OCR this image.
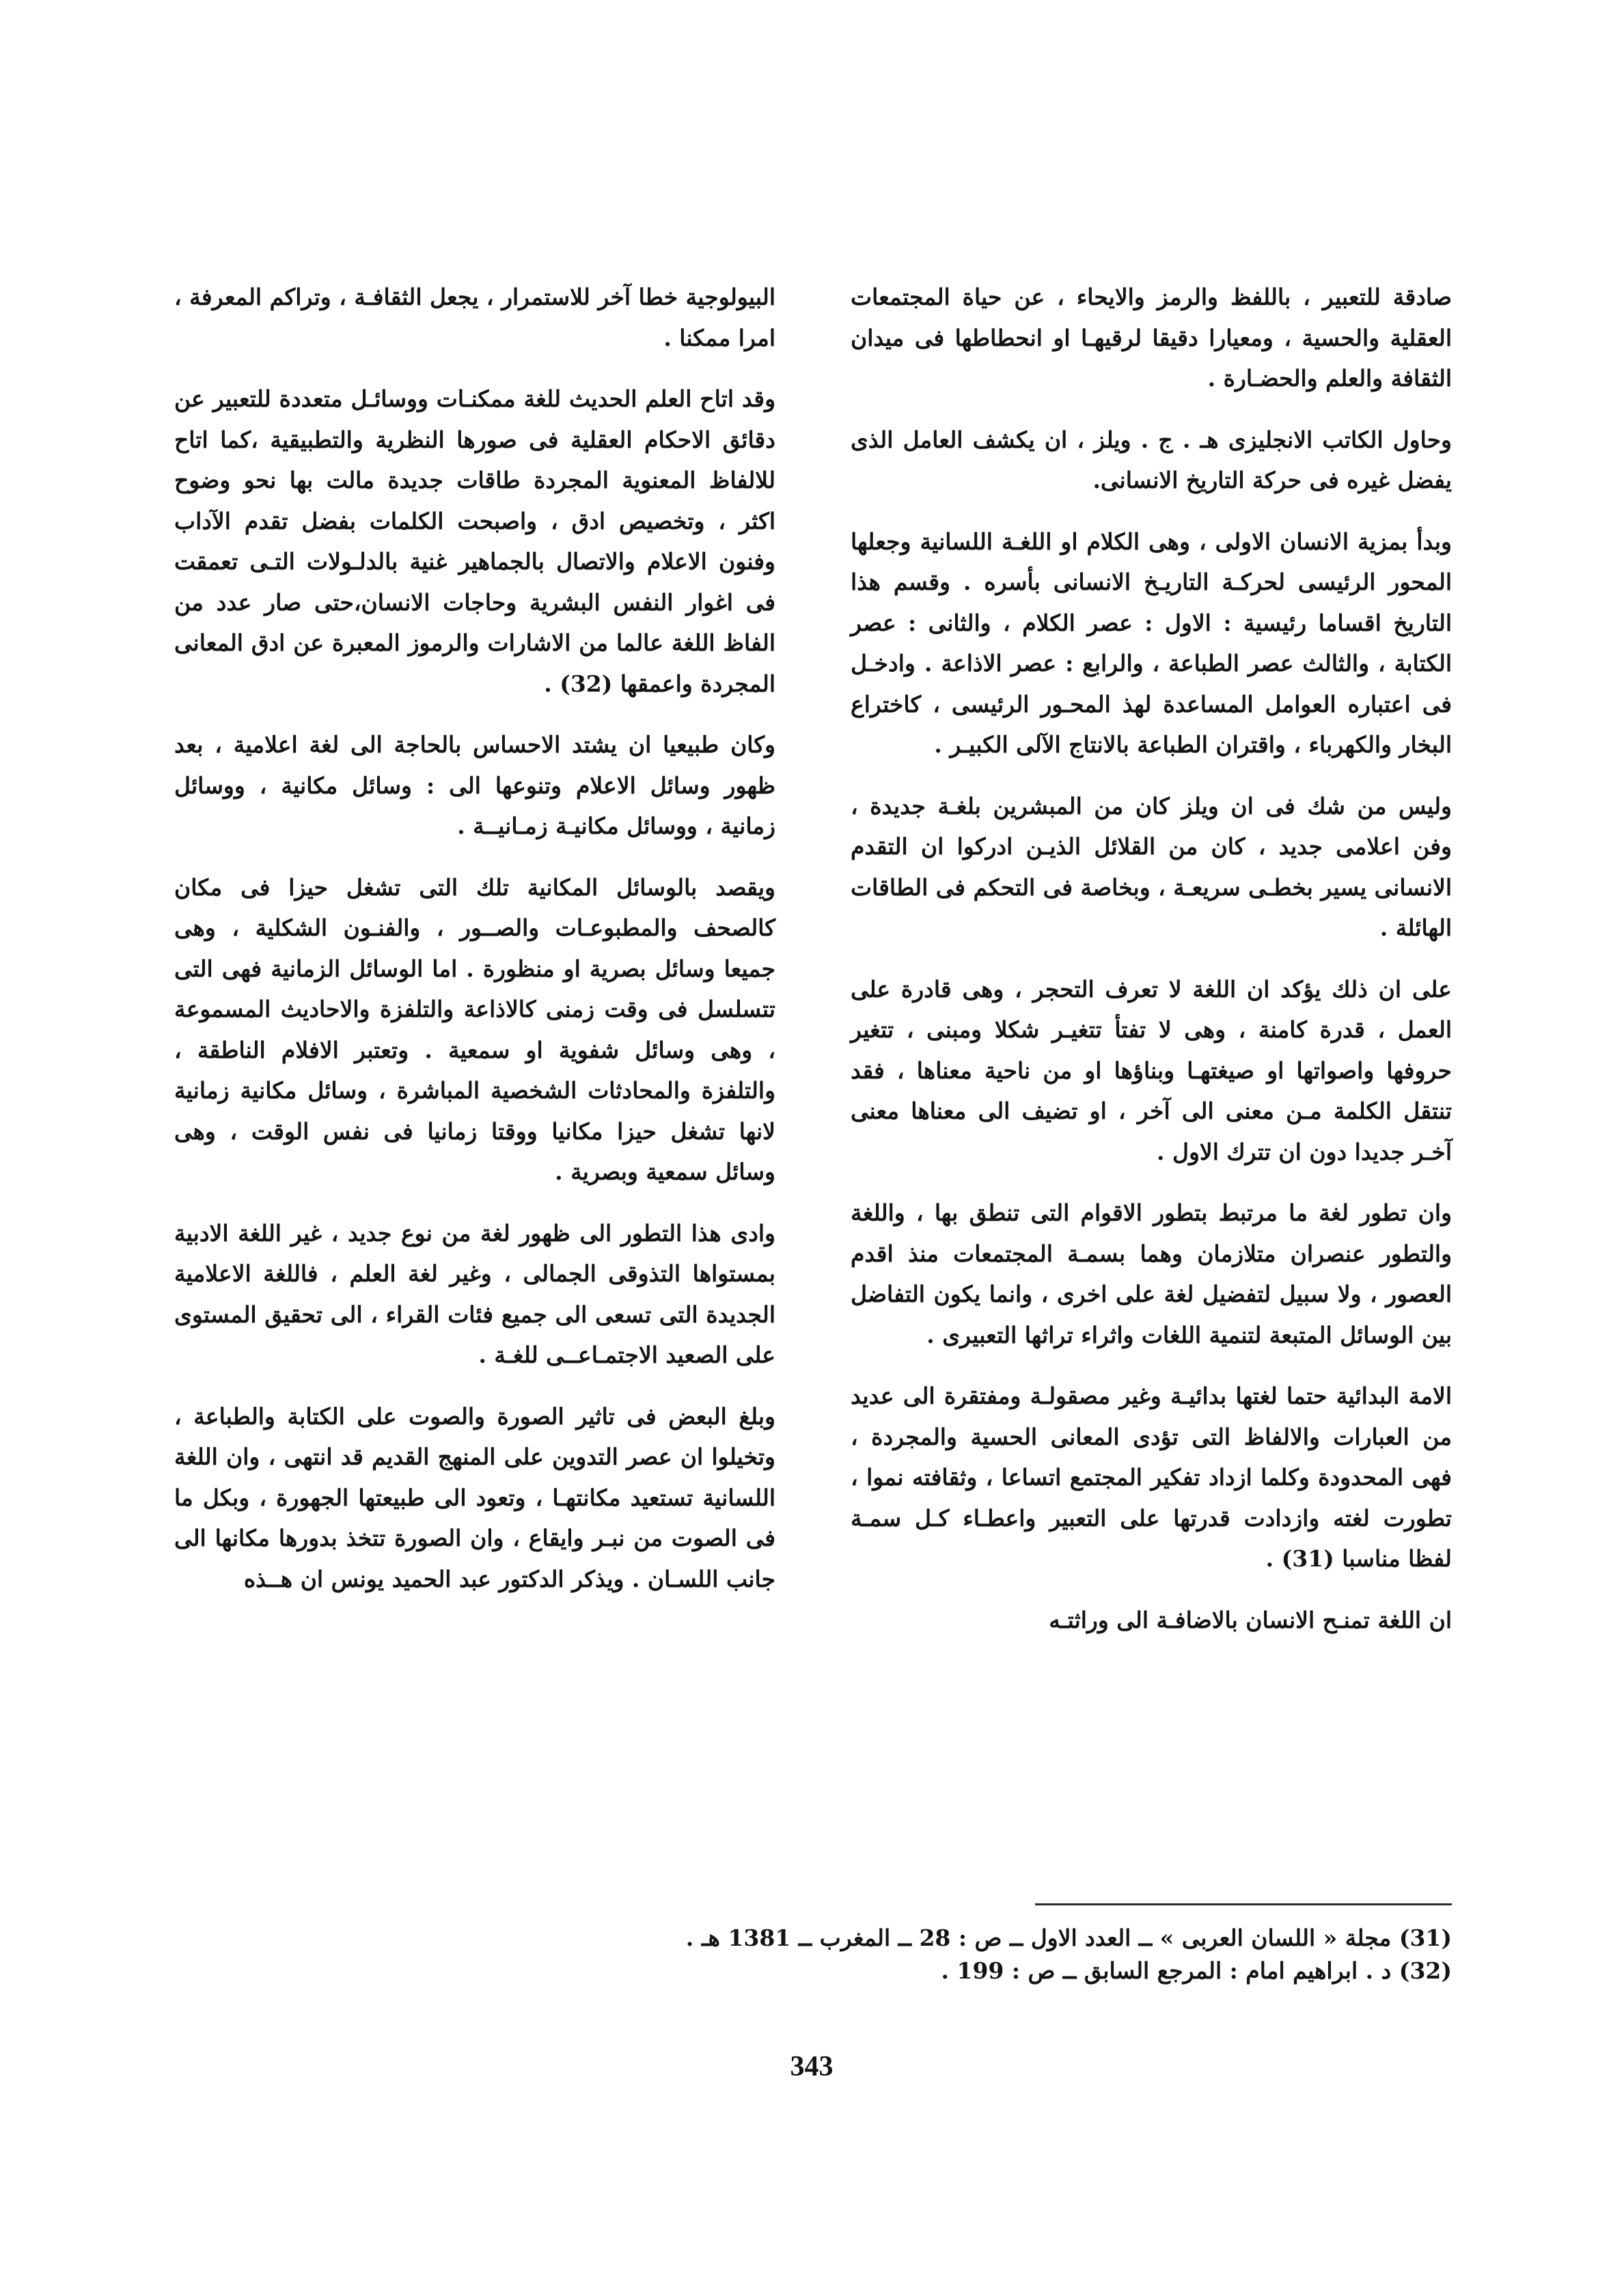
صادقة للتعبير ، باللفظ والرمز والايحاء ، عن حياة المجتمعات العقلية والحسية ، ومعيارا دقيقا لرقيهـا او انحطاطها فى ميدان الثقافة والعلم والحضـارة .

وحاول الكاتب الانجليزى هـ . ج . ويلز ، ان يكشف العامل الذى يفضل غيره فى حركة التاريخ الانسانى.

وبدأ بمزية الانسان الاولى ، وهى الكلام او اللغـة اللسانية وجعلها المحور الرئيسى لحركـة التاريـخ الانسانى بأسره . وقسم هذا التاريخ اقساما رئيسية : الاول : عصر الكلام ، والثانى : عصر الكتابة ، والثالث عصر الطباعة ، والرابع : عصر الاذاعة . وادخـل فى اعتباره العوامل المساعدة لهذ المحـور الرئيسى ، كاختراع البخار والكهرباء ، واقتران الطباعة بالانتاج الآلى الكبيـر .

وليس من شك فى ان ويلز كان من المبشرين بلغـة جديدة ، وفن اعلامى جديد ، كان من القلائل الذيـن ادركوا ان التقدم الانسانى يسير بخطـى سريعـة ، وبخاصة فى التحكم فى الطاقات الهائلة .

على ان ذلك يؤكد ان اللغة لا تعرف التحجر ، وهى قادرة على العمل ، قدرة كامنة ، وهى لا تفتأ تتغيـر شكلا ومبنى ، تتغير حروفها واصواتها او صيغتهـا وبناؤها او من ناحية معناها ، فقد تنتقل الكلمة مـن معنى الى آخر ، او تضيف الى معناها معنى آخـر جديدا دون ان تترك الاول .

وان تطور لغة ما مرتبط بتطور الاقوام التى تنطق بها ، واللغة والتطور عنصران متلازمان وهما بسمـة المجتمعات منذ اقدم العصور ، ولا سبيل لتفضيل لغة على اخرى ، وانما يكون التفاضل بين الوسائل المتبعة لتنمية اللغات واثراء تراثها التعبيرى .

الامة البدائية حتما لغتها بدائيـة وغير مصقولـة ومفتقرة الى عديد من العبارات والالفاظ التى تؤدى المعانى الحسية والمجردة ، فهى المحدودة وكلما ازداد تفكير المجتمع اتساعا ، وثقافته نموا ، تطورت لغته وازدادت قدرتها على التعبير واعطـاء كـل سمـة لفظا مناسبا (31) .

ان اللغة تمنـح الانسان بالاضافـة الى وراثتـه

البيولوجية خطا آخر للاستمرار ، يجعل الثقافـة ، وتراكم المعرفة ، امرا ممكنا .

وقد اتاح العلم الحديث للغة ممكنـات ووسائـل متعددة للتعبير عن دقائق الاحكام العقلية فى صورها النظرية والتطبيقية ،كما اتاح للالفاظ المعنوية المجردة طاقات جديدة مالت بها نحو وضوح اكثر ، وتخصيص ادق ، واصبحت الكلمات بفضل تقدم الآداب وفنون الاعلام والاتصال بالجماهير غنية بالدلـولات التـى تعمقت فى اغوار النفس البشرية وحاجات الانسان،حتى صار عدد من الفاظ اللغة عالما من الاشارات والرموز المعبرة عن ادق المعانى المجردة واعمقها (32) .

وكان طبيعيا ان يشتد الاحساس بالحاجة الى لغة اعلامية ، بعد ظهور وسائل الاعلام وتنوعها الى : وسائل مكانية ، ووسائل زمانية ، ووسائل مكانيـة زمـانيــة .

ويقصد بالوسائل المكانية تلك التى تشغل حيزا فى مكان كالصحف والمطبوعـات والصــور ، والفنـون الشكلية ، وهى جميعا وسائل بصرية او منظورة . اما الوسائل الزمانية فهى التى تتسلسل فى وقت زمنى كالاذاعة والتلفزة والاحاديث المسموعة ، وهى وسائل شفوية او سمعية . وتعتبر الافلام الناطقة ، والتلفزة والمحادثات الشخصية المباشرة ، وسائل مكانية زمانية لانها تشغل حيزا مكانيا ووقتا زمانيا فى نفس الوقت ، وهى وسائل سمعية وبصرية .

وادى هذا التطور الى ظهور لغة من نوع جديد ، غير اللغة الادبية بمستواها التذوقى الجمالى ، وغير لغة العلم ، فاللغة الاعلامية الجديدة التى تسعى الى جميع فئات القراء ، الى تحقيق المستوى على الصعيد الاجتمـاعــى للغـة .

وبلغ البعض فى تاثير الصورة والصوت على الكتابة والطباعة ، وتخيلوا ان عصر التدوين على المنهج القديم قد انتهى ، وان اللغة اللسانية تستعيد مكانتهـا ، وتعود الى طبيعتها الجهورة ، وبكل ما فى الصوت من نبـر وايقاع ، وان الصورة تتخذ بدورها مكانها الى جانب اللسـان . ويذكر الدكتور عبد الحميد يونس ان هــذه

(31) مجلة « اللسان العربى » ــ العدد الاول ــ ص : 28 ــ المغرب ــ 1381 هـ .

(32) د . ابراهيم امام : المرجع السابق ــ ص : 199 .

343
